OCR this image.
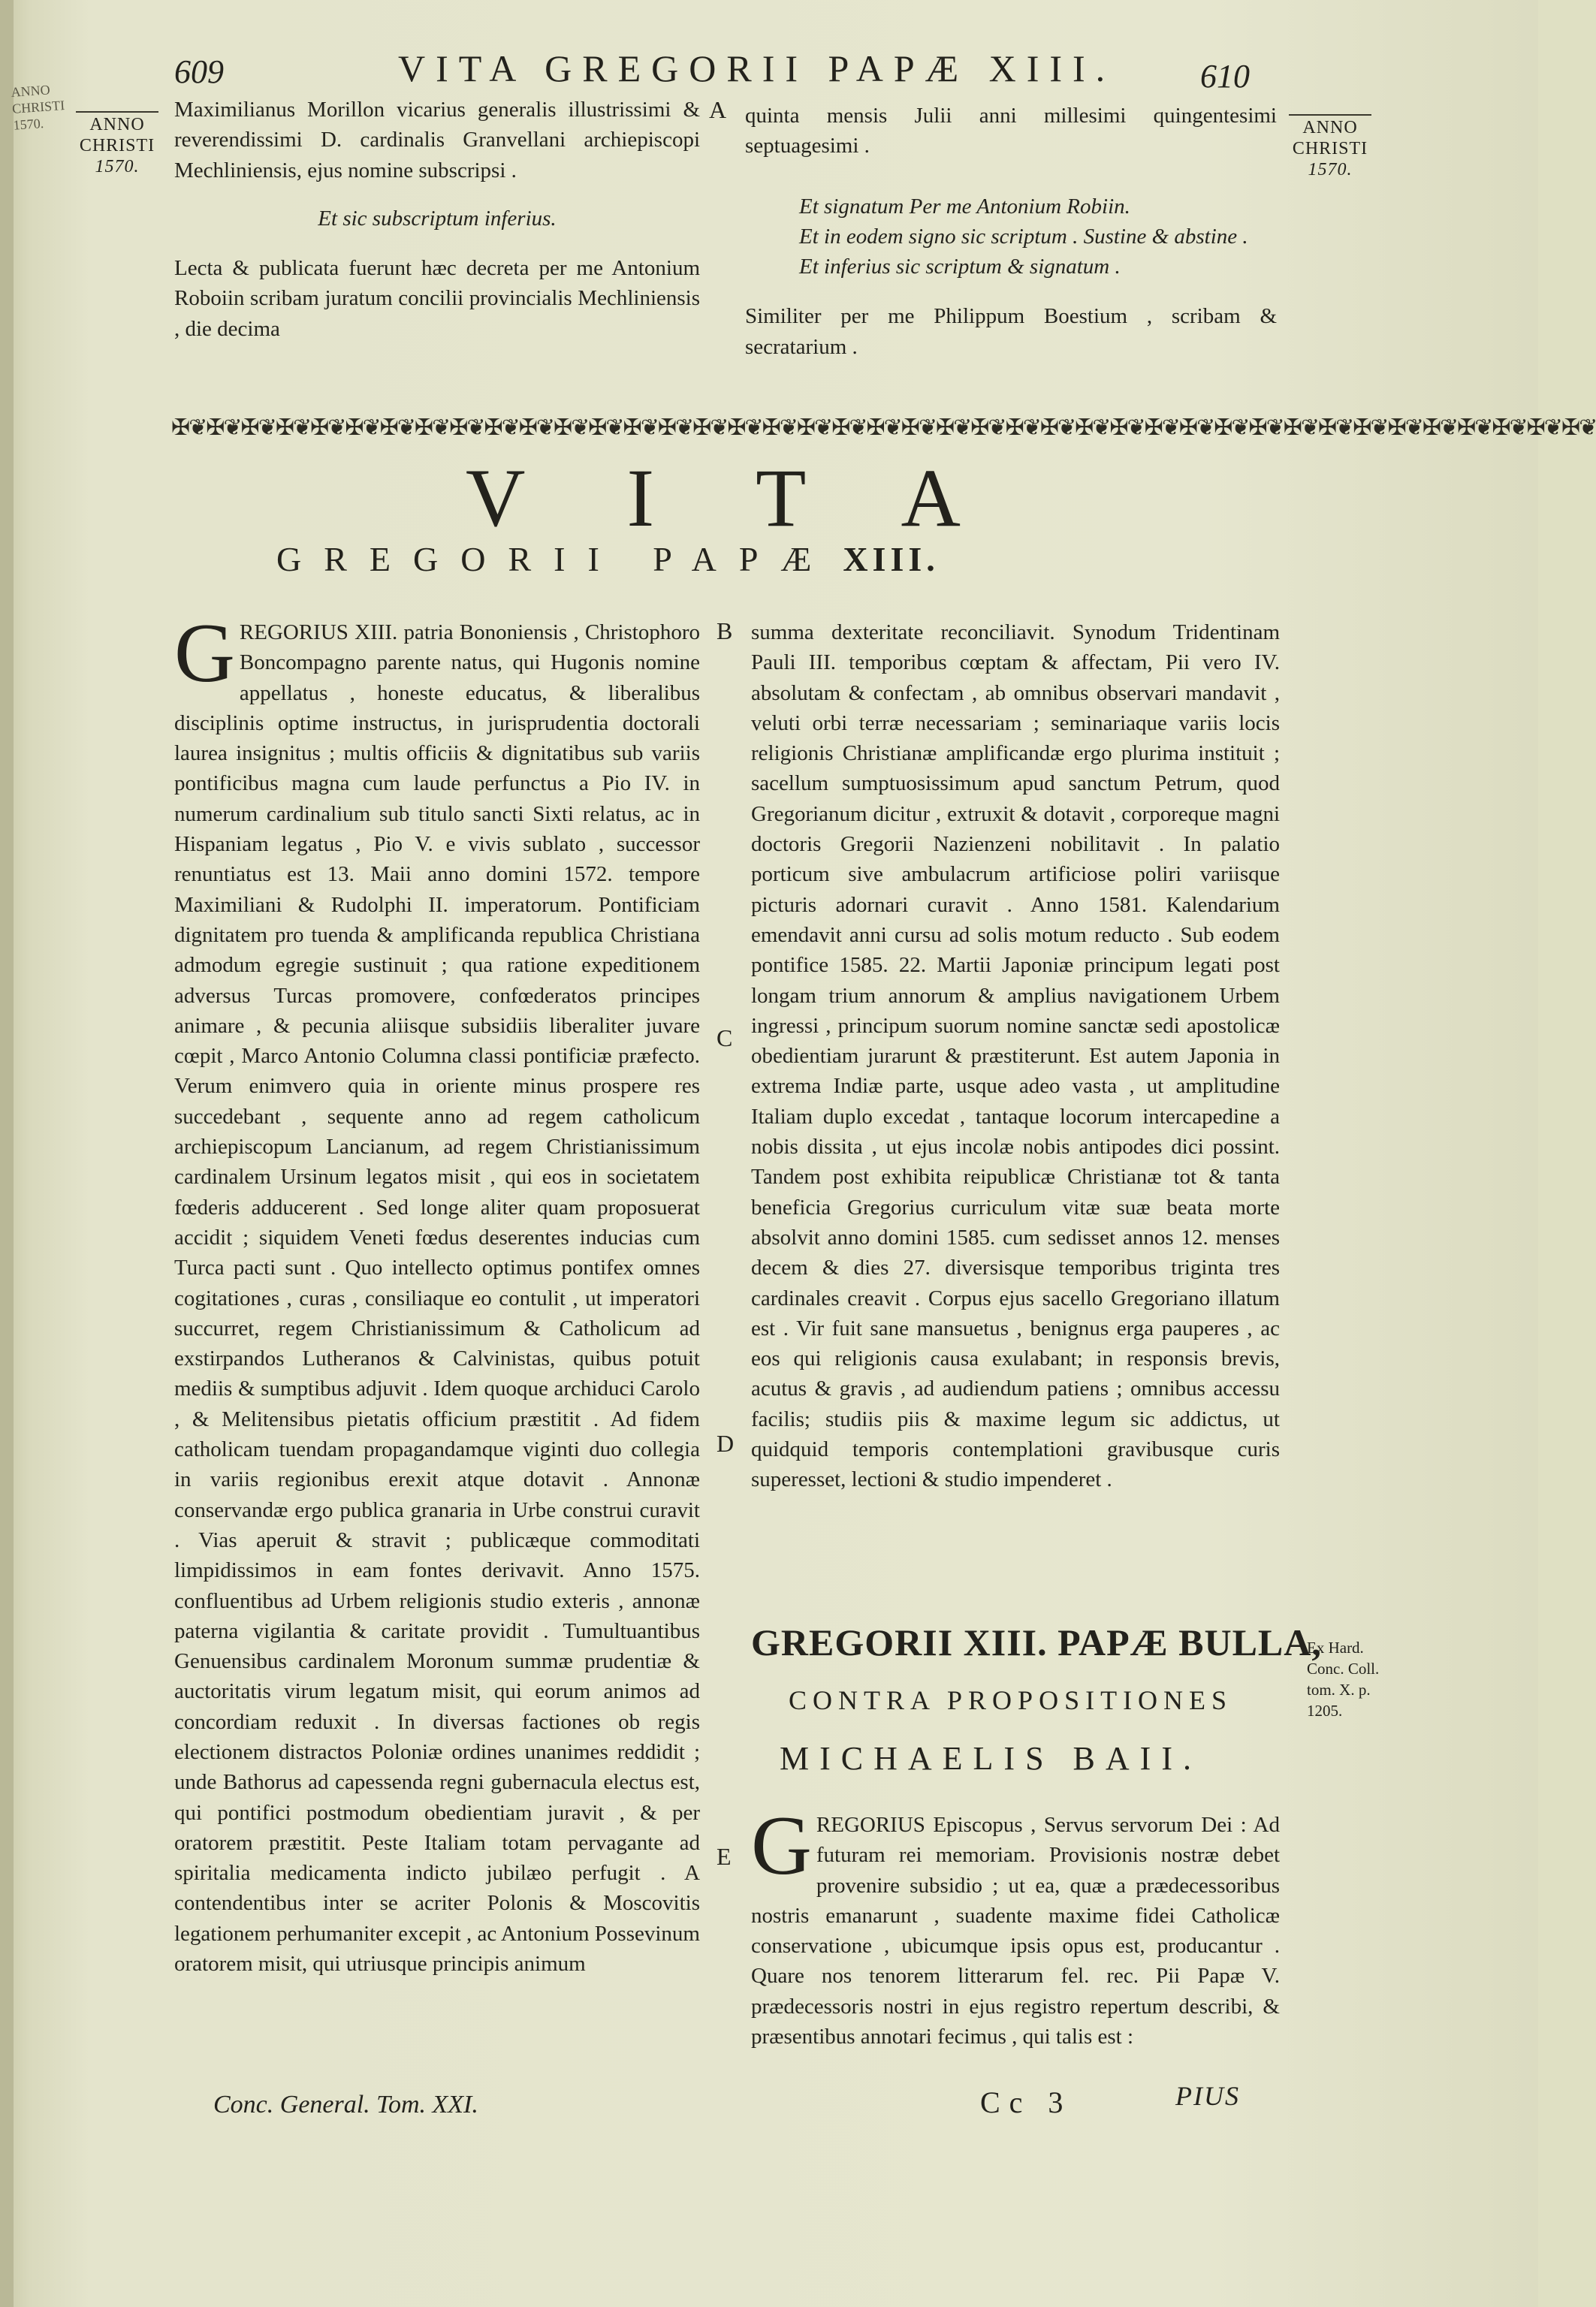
ANNO CHRISTI 1570.
609	VITA GREGORII PAPÆ XIII.	610
ANNO
CHRISTI
1570.
ANNO
CHRISTI
1570.

Maximilianus Morillon vicarius generalis illustrissimi & reverendissimi D. cardinalis Granvellani archiepiscopi Mechliniensis, ejus nomine subscripsi .

Et sic subscriptum inferius.

Lecta & publicata fuerunt hæc decreta per me Antonium Roboiin scribam juratum concilii provincialis Mechliniensis , die decima

A quinta mensis Julii anni millesimi quingentesimi septuagesimi .

Et signatum Per me Antonium Robiin.

Et in eodem signo sic scriptum . Sustine & abstine .

Et inferius sic scriptum & signatum .

Similiter per me Philippum Boestium , scribam & secratarium .

✠❦✠❦✠❦✠❦✠❦✠❦✠❦✠❦✠❦✠❦✠❦✠❦✠❦✠❦✠❦✠❦✠❦✠❦✠❦✠❦✠❦✠❦✠❦✠❦✠❦✠❦✠❦✠❦✠❦✠❦✠❦✠❦✠❦✠❦✠❦✠❦✠❦✠❦✠❦✠❦✠❦
VITA
GREGORII PAPÆ XIII.
GREGORIUS XIII. patria Bononiensis , Christophoro Boncompagno parente natus, qui Hugonis nomine appellatus , honeste educatus, & liberalibus disciplinis optime instructus, in jurisprudentia doctorali laurea insignitus ; multis officiis & dignitatibus sub variis pontificibus magna cum laude perfunctus a Pio IV. in numerum cardinalium sub titulo sancti Sixti relatus, ac in Hispaniam legatus , Pio V. e vivis sublato , successor renuntiatus est 13. Maii anno domini 1572. tempore Maximiliani & Rudolphi II. imperatorum. Pontificiam dignitatem pro tuenda & amplificanda republica Christiana admodum egregie sustinuit ; qua ratione expeditionem adversus Turcas promovere, confœderatos principes animare , & pecunia aliisque subsidiis liberaliter juvare cœpit , Marco Antonio Columna classi pontificiæ præfecto. Verum enimvero quia in oriente minus prospere res succedebant , sequente anno ad regem catholicum archiepiscopum Lancianum, ad regem Christianissimum cardinalem Ursinum legatos misit , qui eos in societatem fœderis adducerent . Sed longe aliter quam proposuerat accidit ; siquidem Veneti fœdus deserentes inducias cum Turca pacti sunt . Quo intellecto optimus pontifex omnes cogitationes , curas , consiliaque eo contulit , ut imperatori succurret, regem Christianissimum & Catholicum ad exstirpandos Lutheranos & Calvinistas, quibus potuit mediis & sumptibus adjuvit . Idem quoque archiduci Carolo , & Melitensibus pietatis officium præstitit . Ad fidem catholicam tuendam propagandamque viginti duo collegia in variis regionibus erexit atque dotavit . Annonæ conservandæ ergo publica granaria in Urbe construi curavit . Vias aperuit & stravit ; publicæque commoditati limpidissimos in eam fontes derivavit. Anno 1575. confluentibus ad Urbem religionis studio exteris , annonæ paterna vigilantia & caritate providit . Tumultuantibus Genuensibus cardinalem Moronum summæ prudentiæ & auctoritatis virum legatum misit, qui eorum animos ad concordiam reduxit . In diversas factiones ob regis electionem distractos Poloniæ ordines unanimes reddidit ; unde Bathorus ad capessenda regni gubernacula electus est, qui pontifici postmodum obedientiam juravit , & per oratorem præstitit. Peste Italiam totam pervagante ad spiritalia medicamenta indicto jubilæo perfugit . A contendentibus inter se acriter Polonis & Moscovitis legationem perhumaniter excepit , ac Antonium Possevinum oratorem misit, qui utriusque principis animum
B
C
D
E

summa dexteritate reconciliavit. Synodum Tridentinam Pauli III. temporibus cœptam & affectam, Pii vero IV. absolutam & confectam , ab omnibus observari mandavit , veluti orbi terræ necessariam ; seminariaque variis locis religionis Christianæ amplificandæ ergo plurima instituit ; sacellum sumptuosissimum apud sanctum Petrum, quod Gregorianum dicitur , extruxit & dotavit , corporeque magni doctoris Gregorii Nazienzeni nobilitavit . In palatio porticum sive ambulacrum artificiose poliri variisque picturis adornari curavit . Anno 1581. Kalendarium emendavit anni cursu ad solis motum reducto . Sub eodem pontifice 1585. 22. Martii Japoniæ principum legati post longam trium annorum & amplius navigationem Urbem ingressi , principum suorum nomine sanctæ sedi apostolicæ obedientiam jurarunt & præstiterunt. Est autem Japonia in extrema Indiæ parte, usque adeo vasta , ut amplitudine Italiam duplo excedat , tantaque locorum intercapedine a nobis dissita , ut ejus incolæ nobis antipodes dici possint. Tandem post exhibita reipublicæ Christianæ tot & tanta beneficia Gregorius curriculum vitæ suæ beata morte absolvit anno domini 1585. cum sedisset annos 12. menses decem & dies 27. diversisque temporibus triginta tres cardinales creavit . Corpus ejus sacello Gregoriano illatum est . Vir fuit sane mansuetus , benignus erga pauperes , ac eos qui religionis causa exulabant; in responsis brevis, acutus & gravis , ad audiendum patiens ; omnibus accessu facilis; studiis piis & maxime legum sic addictus, ut quidquid temporis contemplationi gravibusque curis superesset, lectioni & studio impenderet .

GREGORII XIII. PAPÆ BULLA,
CONTRA PROPOSITIONES
MICHAELIS BAII.
Ex Hard. Conc. Coll. tom. X. p. 1205.
GREGORIUS Episcopus , Servus servorum Dei : Ad futuram rei memoriam. Provisionis nostræ debet provenire subsidio ; ut ea, quæ a prædecessoribus nostris emanarunt , suadente maxime fidei Catholicæ conservatione , ubicumque ipsis opus est, producantur . Quare nos tenorem litterarum fel. rec. Pii Papæ V. prædecessoris nostri in ejus registro repertum describi, & præsentibus annotari fecimus , qui talis est :
Conc. General. Tom. XXI.	Cc 3	PIUS
